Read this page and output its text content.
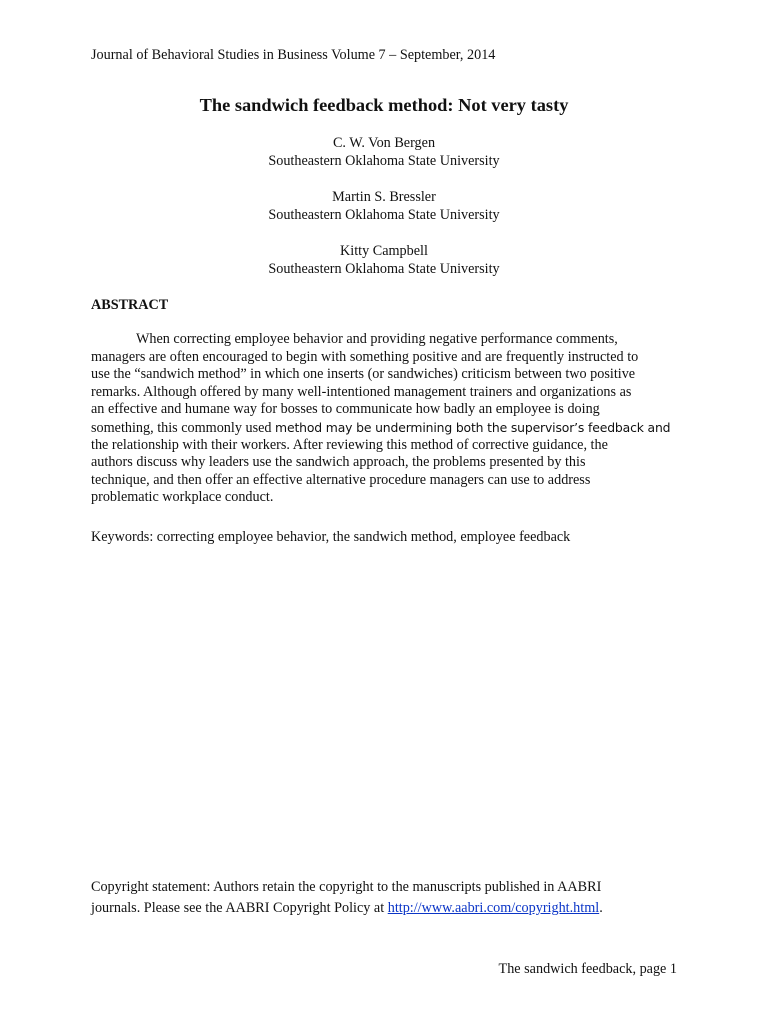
Journal of Behavioral Studies in Business Volume 7 – September, 2014
The sandwich feedback method: Not very tasty
C. W. Von Bergen
Southeastern Oklahoma State University
Martin S. Bressler
Southeastern Oklahoma State University
Kitty Campbell
Southeastern Oklahoma State University
ABSTRACT
When correcting employee behavior and providing negative performance comments,
managers are often encouraged to begin with something positive and are frequently instructed to
use the “sandwich method” in which one inserts (or sandwiches) criticism between two positive
remarks. Although offered by many well-intentioned management trainers and organizations as
an effective and humane way for bosses to communicate how badly an employee is doing
something, this commonly used method may be undermining both the supervisor’s feedback and
the relationship with their workers. After reviewing this method of corrective guidance, the
authors discuss why leaders use the sandwich approach, the problems presented by this
technique, and then offer an effective alternative procedure managers can use to address
problematic workplace conduct.
Keywords: correcting employee behavior, the sandwich method, employee feedback
Copyright statement: Authors retain the copyright to the manuscripts published in AABRI
journals. Please see the AABRI Copyright Policy at http://www.aabri.com/copyright.html.
The sandwich feedback, page 1
